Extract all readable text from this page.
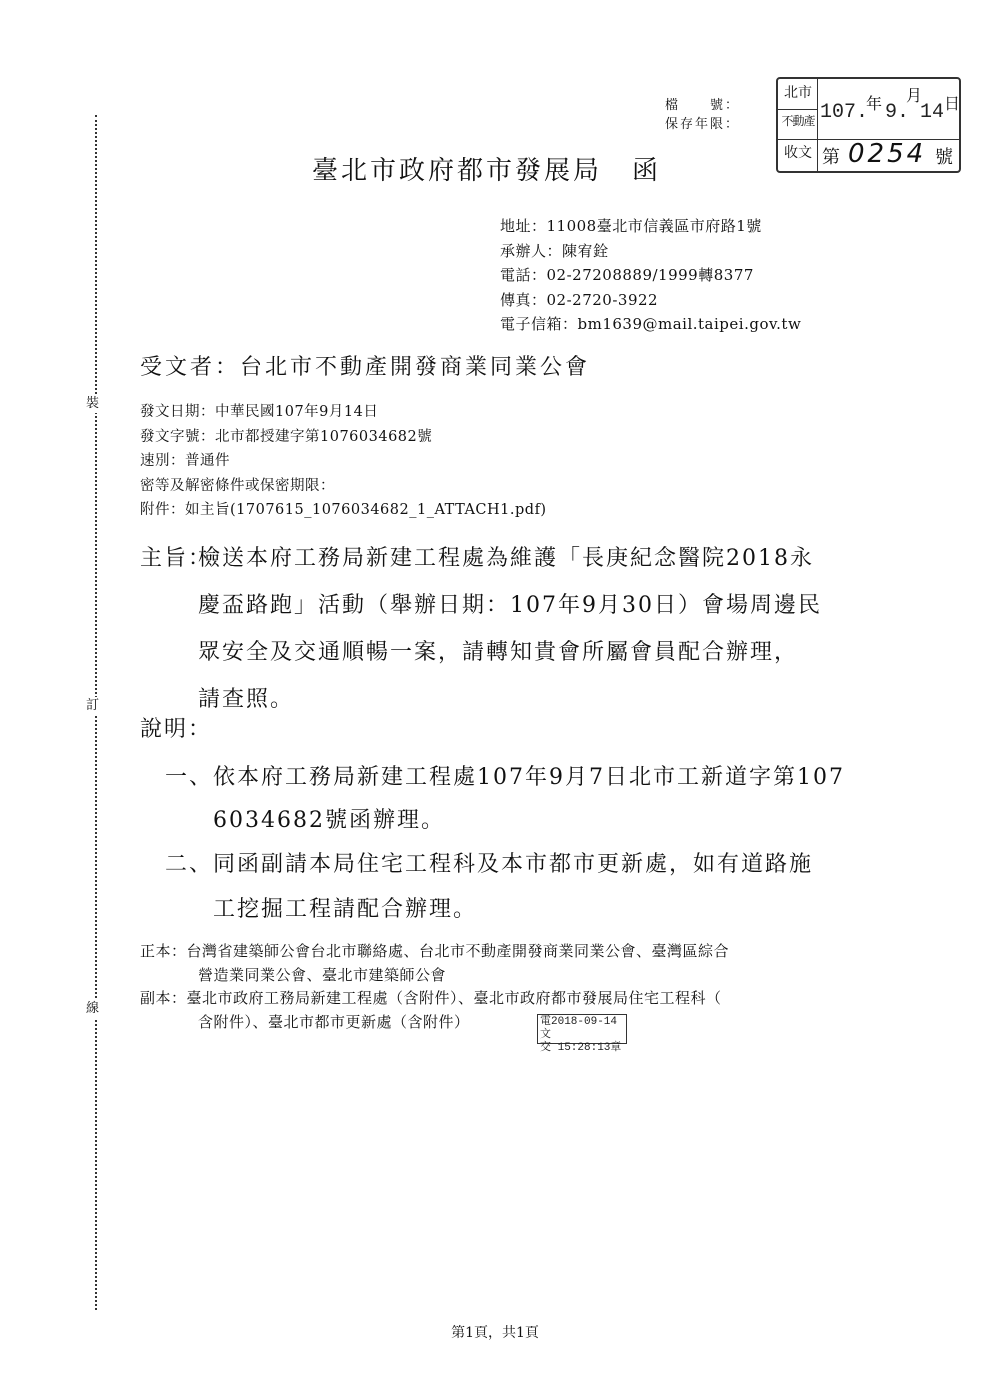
裝
訂
線
檔　　號：
保存年限：
北市
不動產
收文
107.
年 9.
月
14 日
第 0254 號
臺北市政府都市發展局 函
地址：11008臺北市信義區市府路1號
承辦人：陳宥銓
電話：02-27208889/1999轉8377
傳真：02-2720-3922
電子信箱：bm1639@mail.taipei.gov.tw
受文者：台北市不動產開發商業同業公會
發文日期：中華民國107年9月14日
發文字號：北市都授建字第1076034682號
速別：普通件
密等及解密條件或保密期限：
附件：如主旨(1707615_1076034682_1_ATTACH1.pdf)
主旨：
檢送本府工務局新建工程處為維護「長庚紀念醫院2018永
慶盃路跑」活動（舉辦日期：107年9月30日）會場周邊民
眾安全及交通順暢一案，請轉知貴會所屬會員配合辦理，
請查照。
說明：
一、 依本府工務局新建工程處107年9月7日北市工新道字第107
6034682號函辦理。
二、 同函副請本局住宅工程科及本市都市更新處，如有道路施
工挖掘工程請配合辦理。
正本：台灣省建築師公會台北市聯絡處、台北市不動產開發商業同業公會、臺灣區綜合
營造業同業公會、臺北市建築師公會
副本：臺北市政府工務局新建工程處（含附件）、臺北市政府都市發展局住宅工程科（
含附件）、臺北市都市更新處（含附件）	電2018-09-14文
交 15:28:13章
第1頁，共1頁
